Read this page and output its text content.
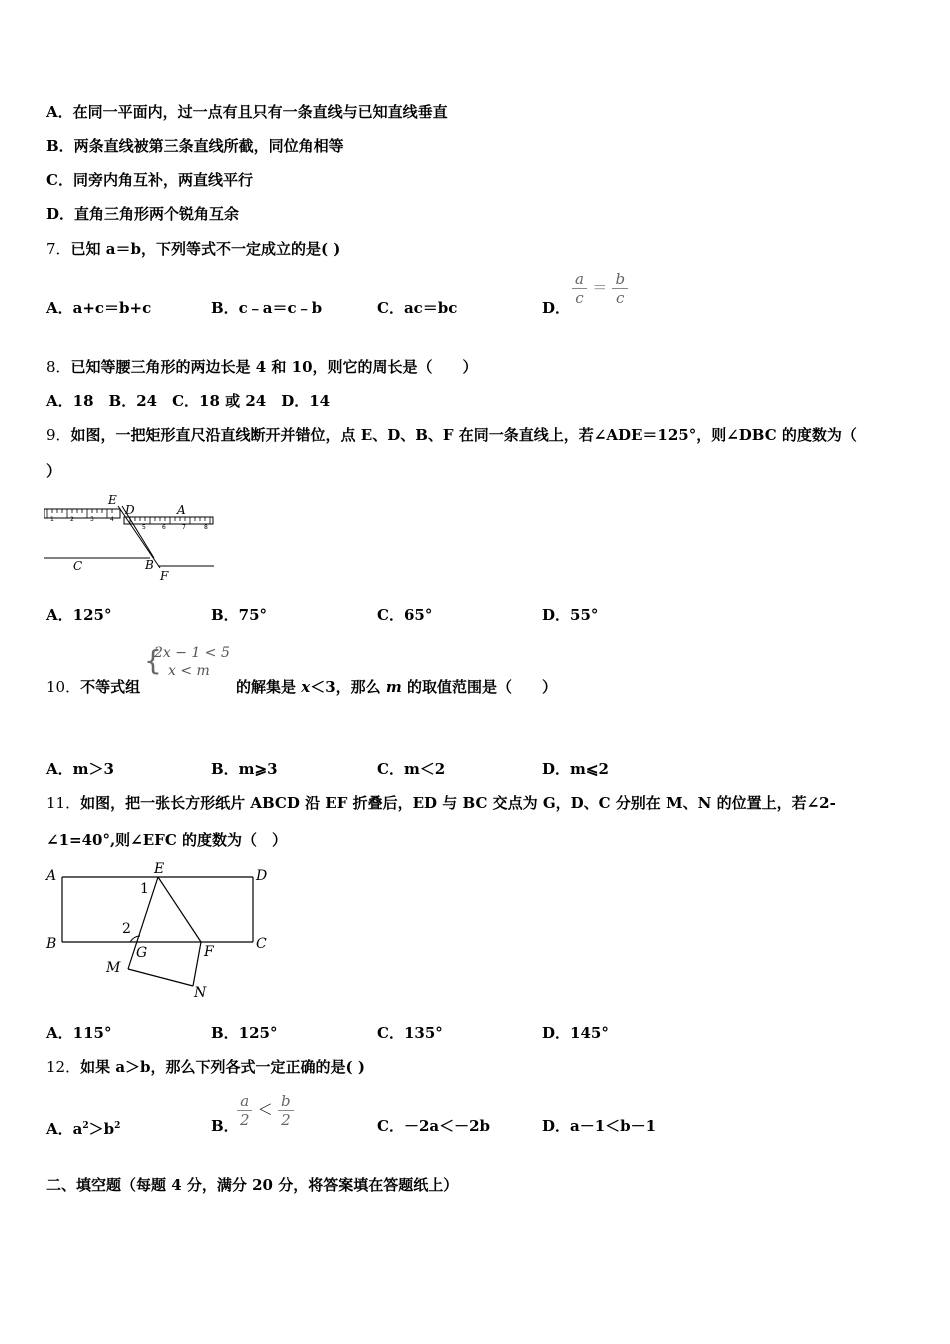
A．在同一平面内，过一点有且只有一条直线与已知直线垂直
B．两条直线被第三条直线所截，同位角相等
C．同旁内角互补，两直线平行
D．直角三角形两个锐角互余
7．已知 a＝b，下列等式不一定成立的是( )
A．a+c＝b+c	B．c﹣a＝c﹣b	C．ac＝bc	D．
$\frac{a}{c} = \frac{b}{c}$
8．已知等腰三角形的两边长是 4 和 10，则它的周长是（　　）
A．18　B．24　C．18 或 24　D．14
9．如图，一把矩形直尺沿直线断开并错位，点 E、D、B、F 在同一条直线上，若∠ADE＝125°，则∠DBC 的度数为（
）
1	2	3	4
5	6	7	8
E
D	A
C	B
F
A．125°	B．75°	C．65°	D．55°
10．不等式组
{
2x − 1 < 5
x < m
的解集是 x＜3，那么 m 的取值范围是（　　）
A．m＞3	B．m⩾3	C．m＜2	D．m⩽2
11．如图，把一张长方形纸片 ABCD 沿 EF 折叠后，ED 与 BC 交点为 G，D、C 分别在 M、N 的位置上，若∠2-
∠1=40°,则∠EFC 的度数为（　）
A	E	D
B
G	F	C
M
N
1
2
A．115°	B．125°	C．135°	D．145°
12．如果 a＞b，那么下列各式一定正确的是( )
A．$a^2>b^2$	B．
$\frac{a}{2} < \frac{b}{2}$	C．－2a＜－2b	D．a－1＜b－1
二、填空题（每题 4 分，满分 20 分，将答案填在答题纸上）
